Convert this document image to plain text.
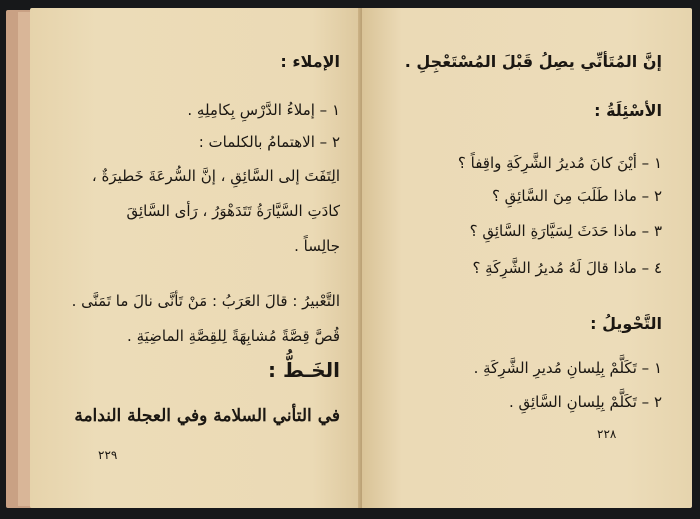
الإملاء :
١ – إملاءُ الدَّرْسِ بِكامِلِهِ .
٢ – الاهتمامُ بالكلمات :
الِتَفَتَ إلى السَّائِقِ ، إنَّ السُّرعَةَ خَطيرَةٌ ،
كادَتِ السَّيَّارَةُ تَتَدَهْوَرُ ، رَأى السَّائِقَ
جالِساً .
التَّعْبيرُ : قالَ العَرَبُ : مَنْ تَأنَّى نالَ ما تَمَنَّى .
قُصَّ قِصَّةً مُشابِهَةً لِلقِصَّةِ الماضِيَةِ .
الخَـطُّ :
في التأني السلامة وفي العجلة الندامة
٢٢٩
إنَّ المُتَأنِّي يصِلُ قَبْلَ المُسْتَعْجِلِ .
الأسْئِلَةُ :
١ – أيْنَ كانَ مُديرُ الشَّرِكَةِ واقِفاً ؟
٢ – ماذا طَلَبَ مِنَ السَّائِقِ ؟
٣ – ماذا حَدَثَ لِسَيَّارَةِ السَّائِقِ ؟
٤ – ماذا قالَ لَهُ مُديرُ الشَّرِكَةِ ؟
التَّحْويلُ :
١ – تَكَلَّمْ بِلِسانِ مُديرِ الشَّرِكَةِ .
٢ – تَكَلَّمْ بِلِسانِ السَّائِقِ .
٢٢٨
